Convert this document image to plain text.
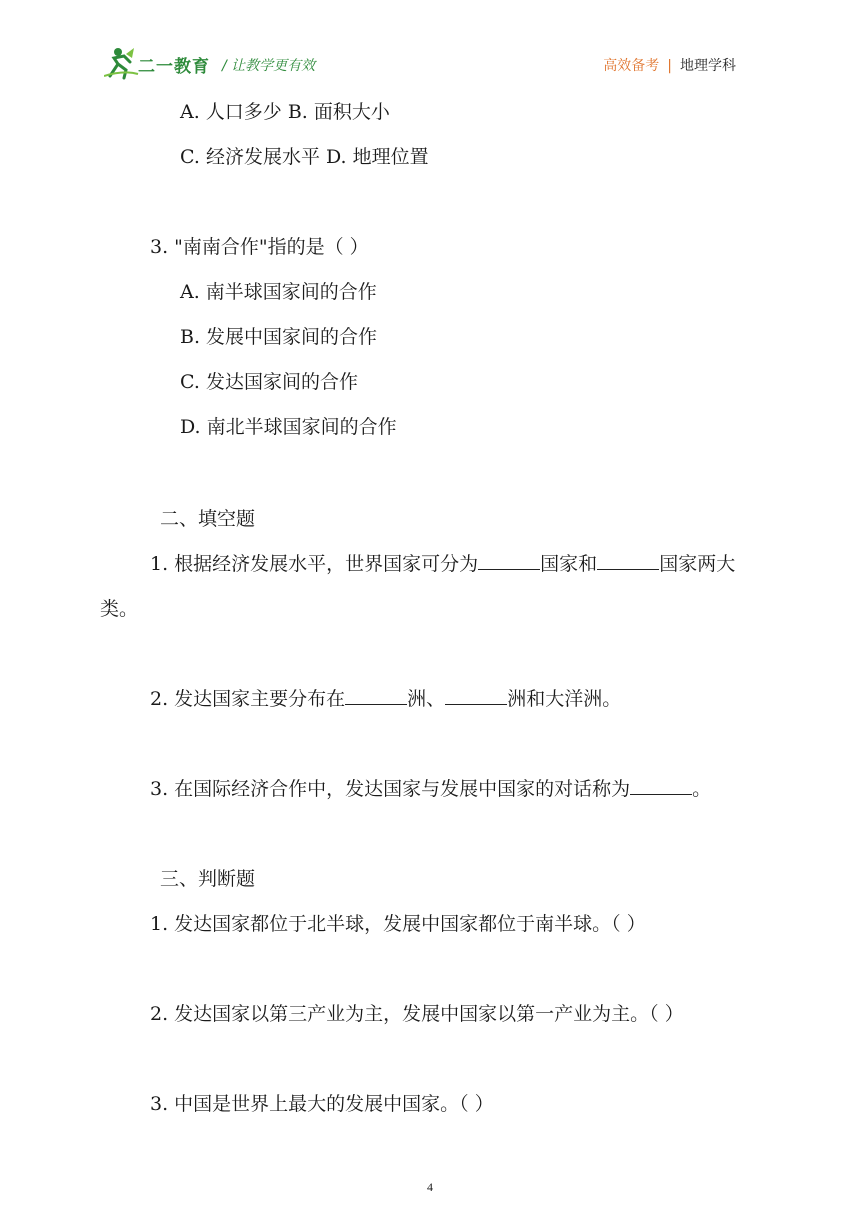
二一教育 / 让教学更有效	高效备考 | 地理学科
A. 人口多少 B. 面积大小
C. 经济发展水平 D. 地理位置
3. "南南合作"指的是（ ）
A. 南半球国家间的合作
B. 发展中国家间的合作
C. 发达国家间的合作
D. 南北半球国家间的合作
二、填空题
1. 根据经济发展水平，世界国家可分为	国家和	国家两大
类。
2. 发达国家主要分布在	洲、	洲和大洋洲。
3. 在国际经济合作中，发达国家与发展中国家的对话称为	。
三、判断题
1. 发达国家都位于北半球，发展中国家都位于南半球。（ ）
2. 发达国家以第三产业为主，发展中国家以第一产业为主。（ ）
3. 中国是世界上最大的发展中国家。（ ）
4
